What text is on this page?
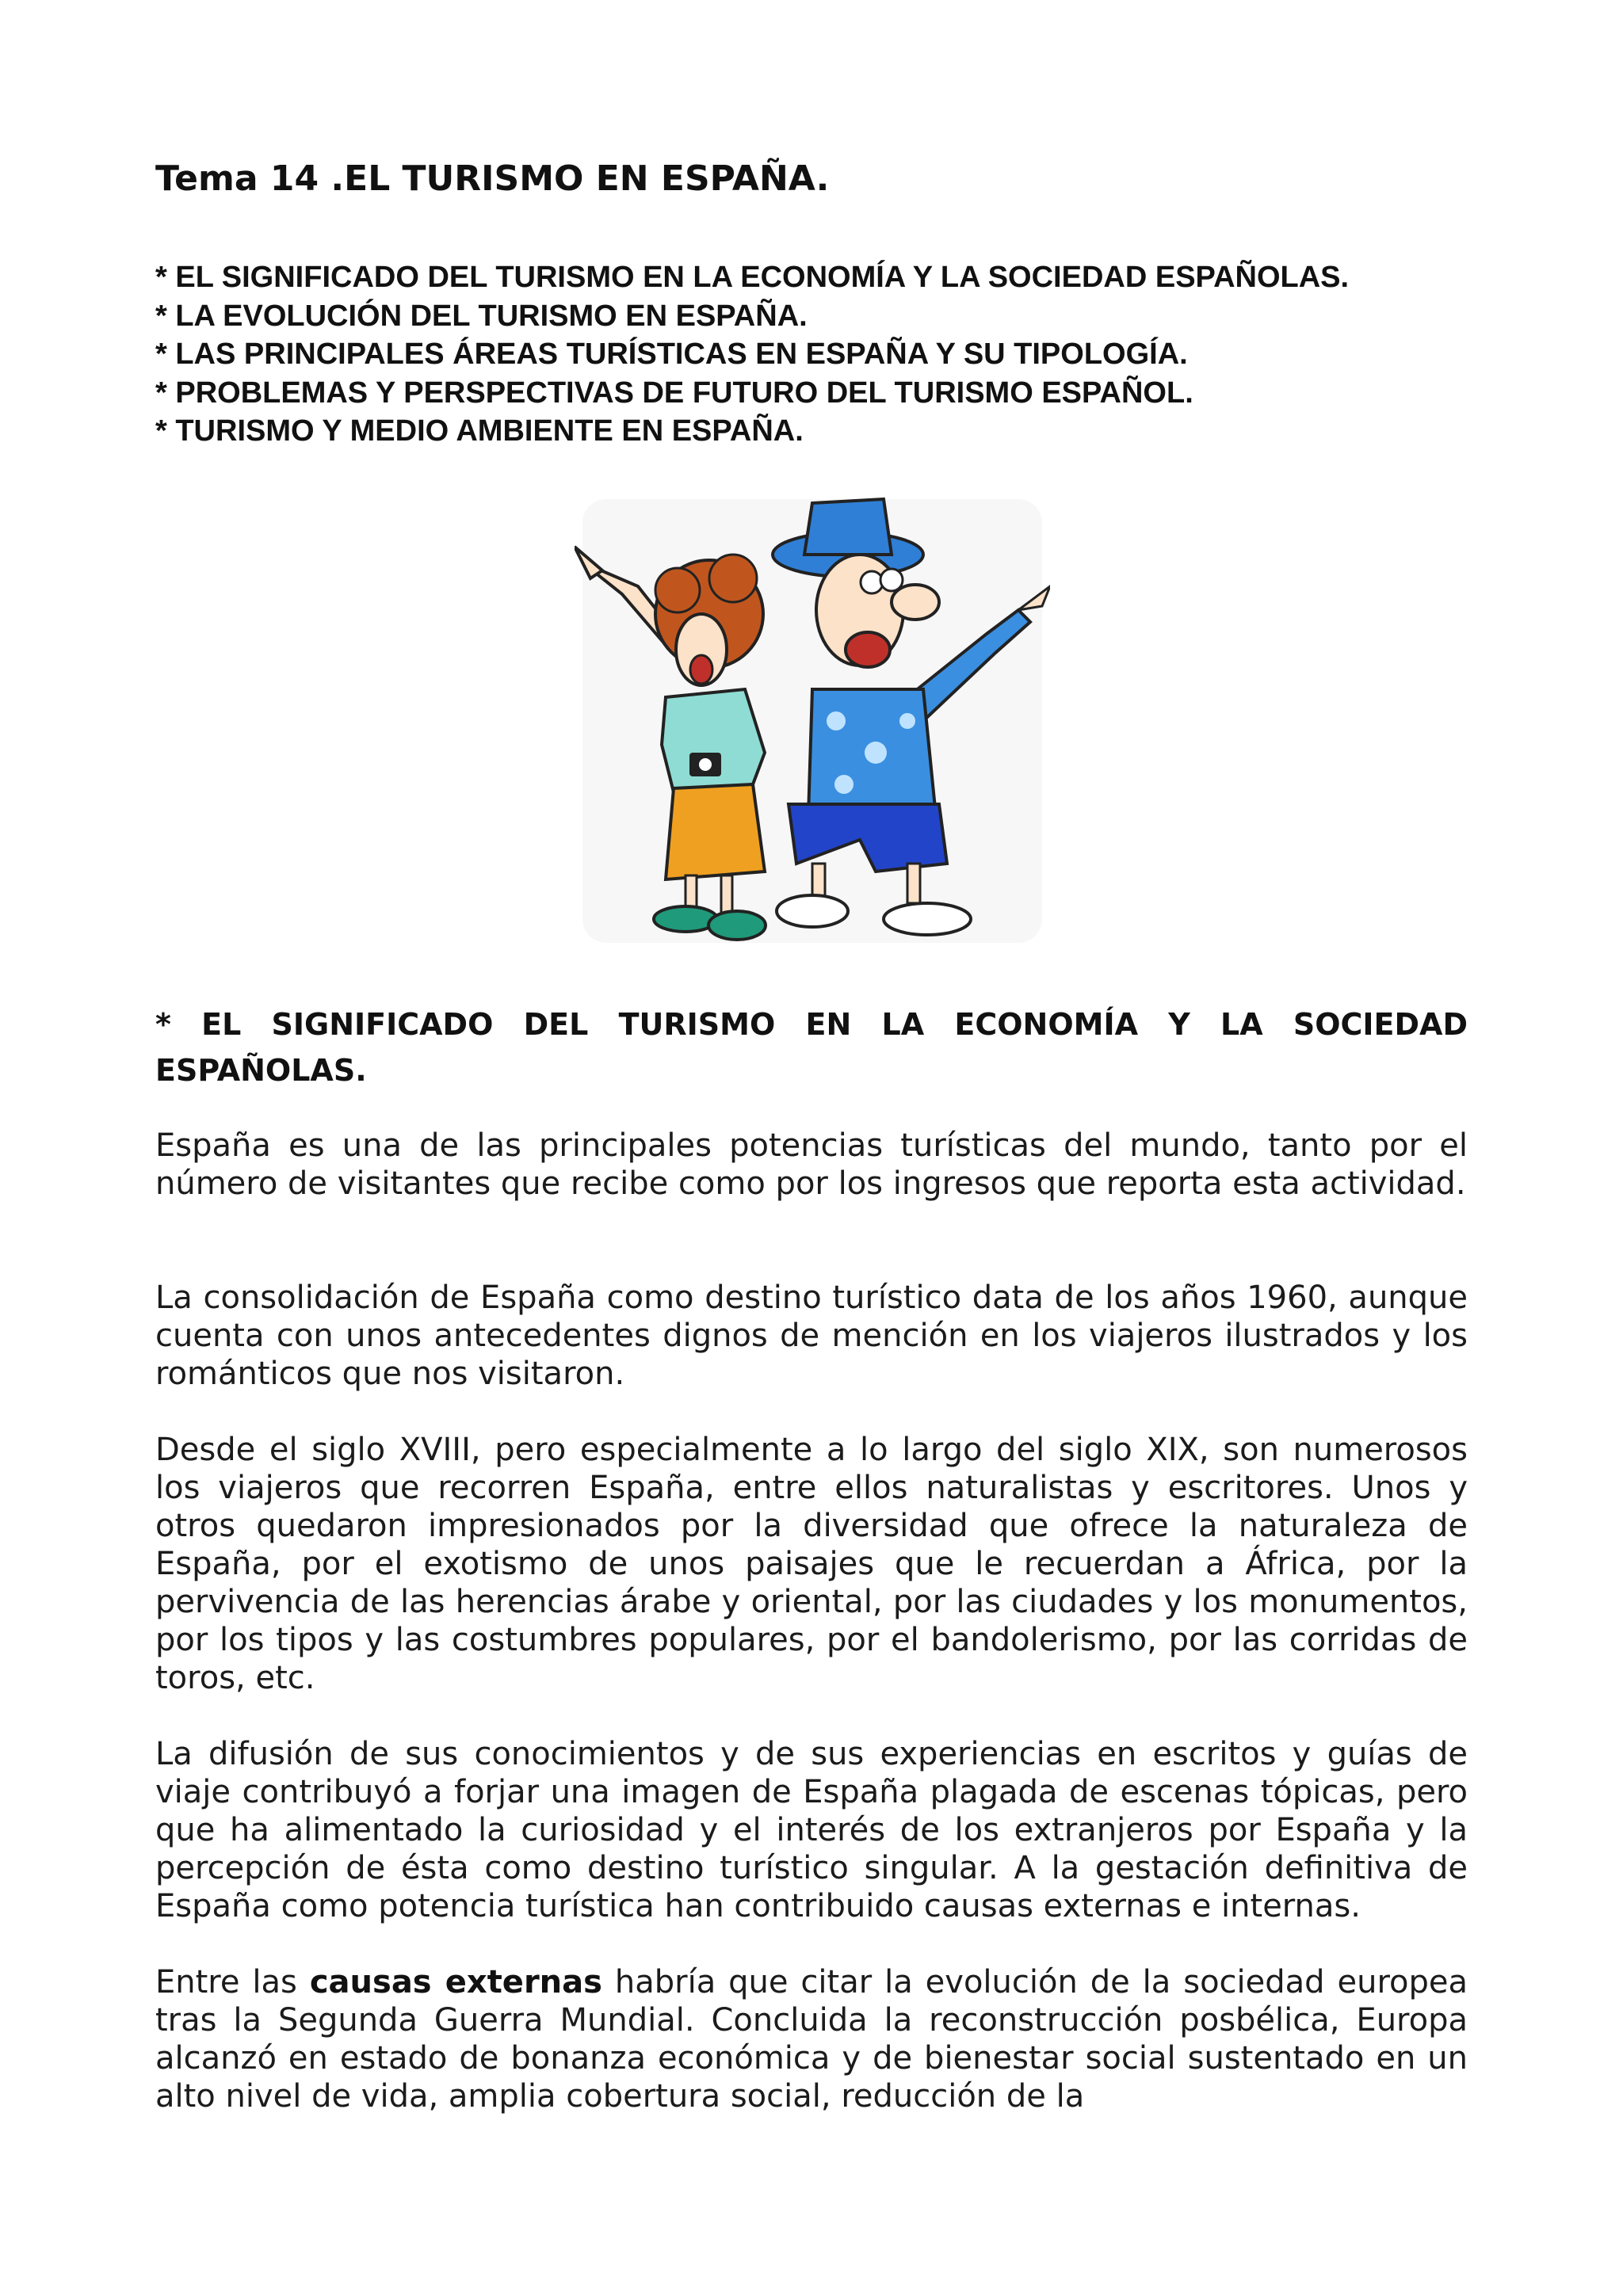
Tema 14 .EL TURISMO EN ESPAÑA.
* EL SIGNIFICADO DEL TURISMO EN LA ECONOMÍA Y LA SOCIEDAD ESPAÑOLAS.
* LA EVOLUCIÓN DEL TURISMO EN ESPAÑA.
* LAS PRINCIPALES ÁREAS TURÍSTICAS EN ESPAÑA Y SU TIPOLOGÍA.
* PROBLEMAS Y PERSPECTIVAS DE FUTURO DEL TURISMO ESPAÑOL.
* TURISMO Y MEDIO AMBIENTE EN ESPAÑA.
* EL SIGNIFICADO DEL TURISMO EN LA ECONOMÍA Y LA SOCIEDAD ESPAÑOLAS.

España es una de las principales potencias turísticas del mundo, tanto por el número de visitantes que recibe como por los ingresos que reporta esta actividad.

La consolidación de España como destino turístico data de los años 1960, aunque cuenta con unos antecedentes dignos de mención en los viajeros ilustrados y los románticos que nos visitaron.

Desde el siglo XVIII, pero especialmente a lo largo del siglo XIX, son numerosos los viajeros que recorren España, entre ellos naturalistas y escritores. Unos y otros quedaron impresionados por la diversidad que ofrece la naturaleza de España, por el exotismo de unos paisajes que le recuerdan a África, por la pervivencia de las herencias árabe y oriental, por las ciudades y los monumentos, por los tipos y las costumbres populares, por el bandolerismo, por las corridas de toros, etc.

La difusión de sus conocimientos y de sus experiencias en escritos y guías de viaje contribuyó a forjar una imagen de España plagada de escenas tópicas, pero que ha alimentado la curiosidad y el interés de los extranjeros por España y la percepción de ésta como destino turístico singular. A la gestación definitiva de España como potencia turística han contribuido causas externas e internas.

Entre las causas externas habría que citar la evolución de la sociedad europea tras la Segunda Guerra Mundial. Concluida la reconstrucción posbélica, Europa alcanzó en estado de bonanza económica y de bienestar social sustentado en un alto nivel de vida, amplia cobertura social, reducción de la
